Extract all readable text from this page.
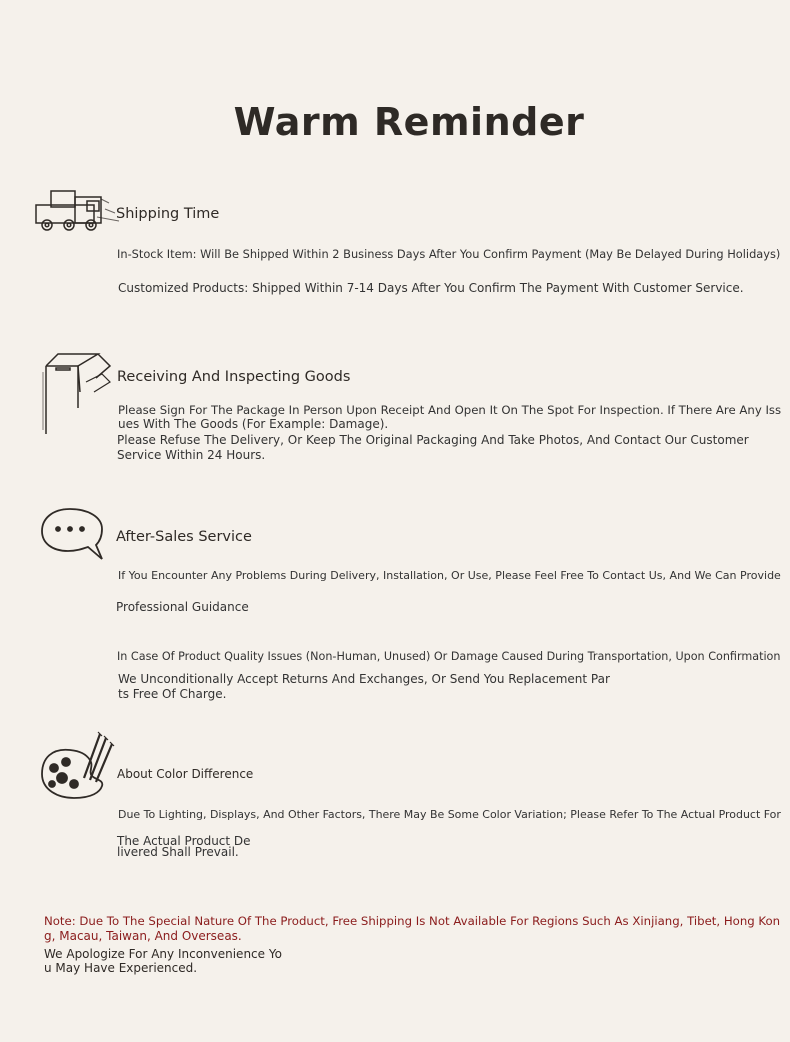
Warm Reminder
Shipping Time
In-Stock Item: Will Be Shipped Within 2 Business Days After You Confirm Payment (May Be Delayed During Holidays)
Customized Products: Shipped Within 7-14 Days After You Confirm The Payment With Customer Service.
Receiving And Inspecting Goods
Please Sign For The Package In Person Upon Receipt And Open It On The Spot For Inspection. If There Are Any Iss
ues With The Goods (For Example: Damage).
Please Refuse The Delivery, Or Keep The Original Packaging And Take Photos, And Contact Our Customer
Service Within 24 Hours.
After-Sales Service
If You Encounter Any Problems During Delivery, Installation, Or Use, Please Feel Free To Contact Us, And We Can Provide
Professional Guidance
In Case Of Product Quality Issues (Non-Human, Unused) Or Damage Caused During Transportation, Upon Confirmation
We Unconditionally Accept Returns And Exchanges, Or Send You Replacement Par
ts Free Of Charge.
About Color Difference
Due To Lighting, Displays, And Other Factors, There May Be Some Color Variation; Please Refer To The Actual Product For
The Actual Product De
livered Shall Prevail.
Note: Due To The Special Nature Of The Product, Free Shipping Is Not Available For Regions Such As Xinjiang, Tibet, Hong Kon
g, Macau, Taiwan, And Overseas.
We Apologize For Any Inconvenience Yo
u May Have Experienced.
